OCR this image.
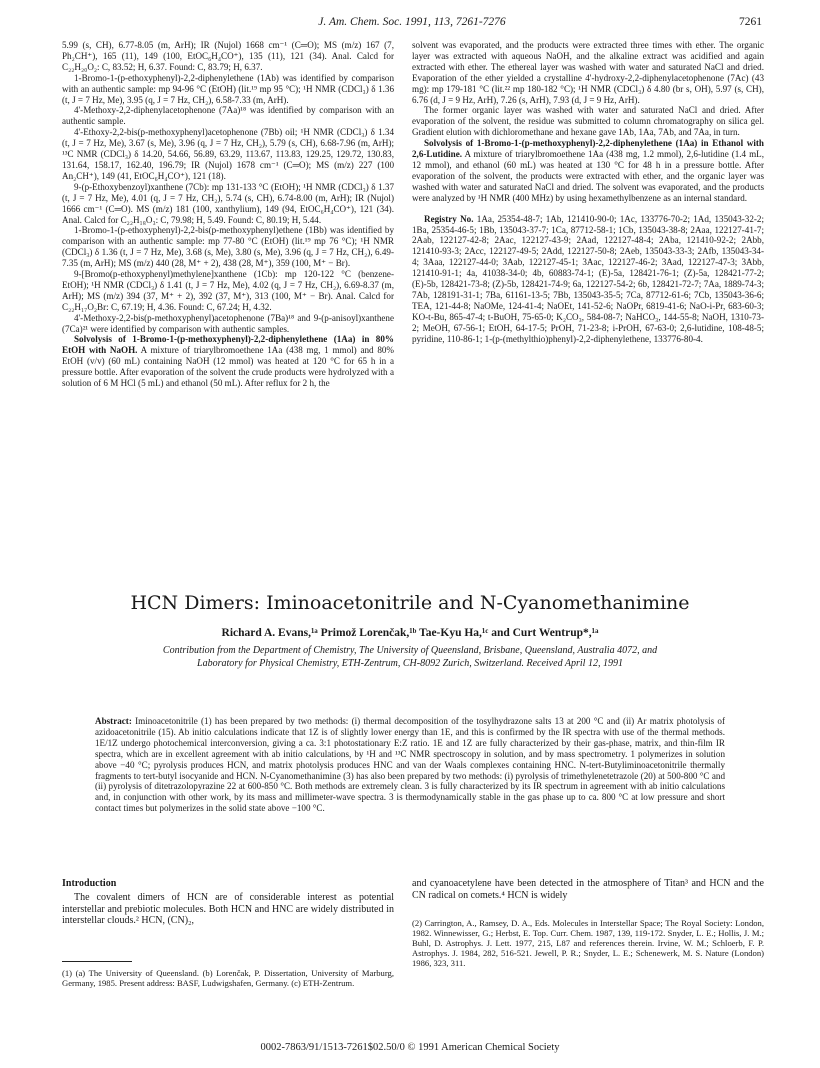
J. Am. Chem. Soc. 1991, 113, 7261-7276	7261

5.99 (s, CH), 6.77-8.05 (m, ArH); IR (Nujol) 1668 cm⁻¹ (C═O); MS (m/z) 167 (7, Ph₂CH⁺), 165 (11), 149 (100, EtOC₆H₄CO⁺), 135 (11), 121 (34). Anal. Calcd for C₂₂H₂₀O₂: C, 83.52; H, 6.37. Found: C, 83.79; H, 6.37.

1-Bromo-1-(p-ethoxyphenyl)-2,2-diphenylethene (1Ab) was identified by comparison with an authentic sample: mp 94-96 °C (EtOH) (lit.¹⁹ mp 95 °C); ¹H NMR (CDCl₃) δ 1.36 (t, J = 7 Hz, Me), 3.95 (q, J = 7 Hz, CH₂), 6.58-7.33 (m, ArH).

4'-Methoxy-2,2-diphenylacetophenone (7Aa)¹⁸ was identified by comparison with an authentic sample.

4'-Ethoxy-2,2-bis(p-methoxyphenyl)acetophenone (7Bb) oil; ¹H NMR (CDCl₃) δ 1.34 (t, J = 7 Hz, Me), 3.67 (s, Me), 3.96 (q, J = 7 Hz, CH₂), 5.79 (s, CH), 6.68-7.96 (m, ArH); ¹³C NMR (CDCl₃) δ 14.20, 54.66, 56.89, 63.29, 113.67, 113.83, 129.25, 129.72, 130.83, 131.64, 158.17, 162.40, 196.79; IR (Nujol) 1678 cm⁻¹ (C═O); MS (m/z) 227 (100 An₂CH⁺), 149 (41, EtOC₆H₄CO⁺), 121 (18).

9-(p-Ethoxybenzoyl)xanthene (7Cb): mp 131-133 °C (EtOH); ¹H NMR (CDCl₃) δ 1.37 (t, J = 7 Hz, Me), 4.01 (q, J = 7 Hz, CH₂), 5.74 (s, CH), 6.74-8.00 (m, ArH); IR (Nujol) 1666 cm⁻¹ (C═O). MS (m/z) 181 (100, xanthylium), 149 (94, EtOC₆H₄CO⁺), 121 (34). Anal. Calcd for C₂₂H₁₈O₃: C, 79.98; H, 5.49. Found: C, 80.19; H, 5.44.

1-Bromo-1-(p-ethoxyphenyl)-2,2-bis(p-methoxyphenyl)ethene (1Bb) was identified by comparison with an authentic sample: mp 77-80 °C (EtOH) (lit.¹⁹ mp 76 °C); ¹H NMR (CDCl₃) δ 1.36 (t, J = 7 Hz, Me), 3.68 (s, Me), 3.80 (s, Me), 3.96 (q, J = 7 Hz, CH₂), 6.49-7.35 (m, ArH); MS (m/z) 440 (28, M⁺ + 2), 438 (28, M⁺), 359 (100, M⁺ − Br).

9-[Bromo(p-ethoxyphenyl)methylene]xanthene (1Cb): mp 120-122 °C (benzene-EtOH); ¹H NMR (CDCl₃) δ 1.41 (t, J = 7 Hz, Me), 4.02 (q, J = 7 Hz, CH₂), 6.69-8.37 (m, ArH); MS (m/z) 394 (37, M⁺ + 2), 392 (37, M⁺), 313 (100, M⁺ − Br). Anal. Calcd for C₂₂H₁₇O₂Br: C, 67.19; H, 4.36. Found: C, 67.24; H, 4.32.

4'-Methoxy-2,2-bis(p-methoxyphenyl)acetophenone (7Ba)¹⁸ and 9-(p-anisoyl)xanthene (7Ca)²¹ were identified by comparison with authentic samples.

Solvolysis of 1-Bromo-1-(p-methoxyphenyl)-2,2-diphenylethene (1Aa) in 80% EtOH with NaOH. A mixture of triarylbromoethene 1Aa (438 mg, 1 mmol) and 80% EtOH (v/v) (60 mL) containing NaOH (12 mmol) was heated at 120 °C for 65 h in a pressure bottle. After evaporation of the solvent the crude products were hydrolyzed with a solution of 6 M HCl (5 mL) and ethanol (50 mL). After reflux for 2 h, the

solvent was evaporated, and the products were extracted three times with ether. The organic layer was extracted with aqueous NaOH, and the alkaline extract was acidified and again extracted with ether. The ethereal layer was washed with water and saturated NaCl and dried. Evaporation of the ether yielded a crystalline 4'-hydroxy-2,2-diphenylacetophenone (7Ac) (43 mg): mp 179-181 °C (lit.²² mp 180-182 °C); ¹H NMR (CDCl₃) δ 4.80 (br s, OH), 5.97 (s, CH), 6.76 (d, J = 9 Hz, ArH), 7.26 (s, ArH), 7.93 (d, J = 9 Hz, ArH).

The former organic layer was washed with water and saturated NaCl and dried. After evaporation of the solvent, the residue was submitted to column chromatography on silica gel. Gradient elution with dichloromethane and hexane gave 1Ab, 1Aa, 7Ab, and 7Aa, in turn.

Solvolysis of 1-Bromo-1-(p-methoxyphenyl)-2,2-diphenylethene (1Aa) in Ethanol with 2,6-Lutidine. A mixture of triarylbromoethene 1Aa (438 mg, 1.2 mmol), 2,6-lutidine (1.4 mL, 12 mmol), and ethanol (60 mL) was heated at 130 °C for 48 h in a pressure bottle. After evaporation of the solvent, the products were extracted with ether, and the organic layer was washed with water and saturated NaCl and dried. The solvent was evaporated, and the products were analyzed by ¹H NMR (400 MHz) by using hexamethylbenzene as an internal standard.

Registry No. 1Aa, 25354-48-7; 1Ab, 121410-90-0; 1Ac, 133776-70-2; 1Ad, 135043-32-2; 1Ba, 25354-46-5; 1Bb, 135043-37-7; 1Ca, 87712-58-1; 1Cb, 135043-38-8; 2Aaa, 122127-41-7; 2Aab, 122127-42-8; 2Aac, 122127-43-9; 2Aad, 122127-48-4; 2Aba, 121410-92-2; 2Abb, 121410-93-3; 2Acc, 122127-49-5; 2Add, 122127-50-8; 2Aeb, 135043-33-3; 2Afb, 135043-34-4; 3Aaa, 122127-44-0; 3Aab, 122127-45-1; 3Aac, 122127-46-2; 3Aad, 122127-47-3; 3Abb, 121410-91-1; 4a, 41038-34-0; 4b, 60883-74-1; (E)-5a, 128421-76-1; (Z)-5a, 128421-77-2; (E)-5b, 128421-73-8; (Z)-5b, 128421-74-9; 6a, 122127-54-2; 6b, 128421-72-7; 7Aa, 1889-74-3; 7Ab, 128191-31-1; 7Ba, 61161-13-5; 7Bb, 135043-35-5; 7Ca, 87712-61-6; 7Cb, 135043-36-6; TEA, 121-44-8; NaOMe, 124-41-4; NaOEt, 141-52-6; NaOPr, 6819-41-6; NaO-i-Pr, 683-60-3; KO-t-Bu, 865-47-4; t-BuOH, 75-65-0; K₂CO₃, 584-08-7; NaHCO₃, 144-55-8; NaOH, 1310-73-2; MeOH, 67-56-1; EtOH, 64-17-5; PrOH, 71-23-8; i-PrOH, 67-63-0; 2,6-lutidine, 108-48-5; pyridine, 110-86-1; 1-(p-(methylthio)phenyl)-2,2-diphenylethene, 133776-80-4.

HCN Dimers: Iminoacetonitrile and N-Cyanomethanimine
Richard A. Evans,¹ᵃ Primož Lorenčak,¹ᵇ Tae-Kyu Ha,¹ᶜ and Curt Wentrup*,¹ᵃ
Contribution from the Department of Chemistry, The University of Queensland, Brisbane, Queensland, Australia 4072, and Laboratory for Physical Chemistry, ETH-Zentrum, CH-8092 Zurich, Switzerland. Received April 12, 1991

Abstract: Iminoacetonitrile (1) has been prepared by two methods: (i) thermal decomposition of the tosylhydrazone salts 13 at 200 °C and (ii) Ar matrix photolysis of azidoacetonitrile (15). Ab initio calculations indicate that 1Z is of slightly lower energy than 1E, and this is confirmed by the IR spectra with use of the thermal methods. 1E/1Z undergo photochemical interconversion, giving a ca. 3:1 photostationary E:Z ratio. 1E and 1Z are fully characterized by their gas-phase, matrix, and thin-film IR spectra, which are in excellent agreement with ab initio calculations, by ¹H and ¹³C NMR spectroscopy in solution, and by mass spectrometry. 1 polymerizes in solution above −40 °C; pyrolysis produces HCN, and matrix photolysis produces HNC and van der Waals complexes containing HNC. N-tert-Butyliminoacetonitrile thermally fragments to tert-butyl isocyanide and HCN. N-Cyanomethanimine (3) has also been prepared by two methods: (i) pyrolysis of trimethylenetetrazole (20) at 500-800 °C and (ii) pyrolysis of ditetrazolopyrazine 22 at 600-850 °C. Both methods are extremely clean. 3 is fully characterized by its IR spectrum in agreement with ab initio calculations and, in conjunction with other work, by its mass and millimeter-wave spectra. 3 is thermodynamically stable in the gas phase up to ca. 800 °C at low pressure and short contact times but polymerizes in the solid state above −100 °C.

Introduction

The covalent dimers of HCN are of considerable interest as potential interstellar and prebiotic molecules. Both HCN and HNC are widely distributed in interstellar clouds.² HCN, (CN)₂,

and cyanoacetylene have been detected in the atmosphere of Titan³ and HCN and the CN radical on comets.⁴ HCN is widely
(1) (a) The University of Queensland. (b) Lorenčak, P. Dissertation, University of Marburg, Germany, 1985. Present address: BASF, Ludwigshafen, Germany. (c) ETH-Zentrum.
(2) Carrington, A., Ramsey, D. A., Eds. Molecules in Interstellar Space; The Royal Society: London, 1982. Winnewisser, G.; Herbst, E. Top. Curr. Chem. 1987, 139, 119-172. Snyder, L. E.; Hollis, J. M.; Buhl, D. Astrophys. J. Lett. 1977, 215, L87 and references therein. Irvine, W. M.; Schloerb, F. P. Astrophys. J. 1984, 282, 516-521. Jewell, P. R.; Snyder, L. E.; Schenewerk, M. S. Nature (London) 1986, 323, 311.
0002-7863/91/1513-7261$02.50/0 © 1991 American Chemical Society
